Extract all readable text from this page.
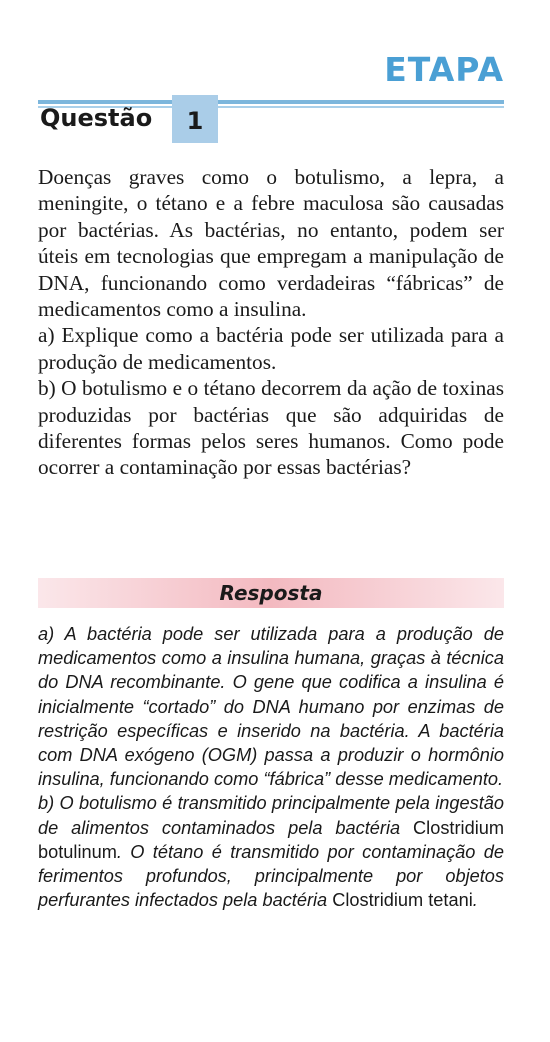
ETAPA
Questão 1

Doenças graves como o botulismo, a lepra, a meningite, o tétano e a febre maculosa são causadas por bactérias. As bactérias, no entanto, podem ser úteis em tecnologias que empregam a manipulação de DNA, funcionando como verdadeiras “fábricas” de medicamentos como a insulina.

a) Explique como a bactéria pode ser utilizada para a produção de medicamentos.

b) O botulismo e o tétano decorrem da ação de toxinas produzidas por bactérias que são adquiridas de diferentes formas pelos seres humanos. Como pode ocorrer a contaminação por essas bactérias?

Resposta

a) A bactéria pode ser utilizada para a produção de medicamentos como a insulina humana, graças à técnica do DNA recombinante. O gene que codifica a insulina é inicialmente “cortado” do DNA humano por enzimas de restrição específicas e inserido na bactéria. A bactéria com DNA exógeno (OGM) passa a produzir o hormônio insulina, funcionando como “fábrica” desse medicamento.

b) O botulismo é transmitido principalmente pela ingestão de alimentos contaminados pela bactéria Clostridium botulinum. O tétano é transmitido por contaminação de ferimentos profundos, principalmente por objetos perfurantes infectados pela bactéria Clostridium tetani.
